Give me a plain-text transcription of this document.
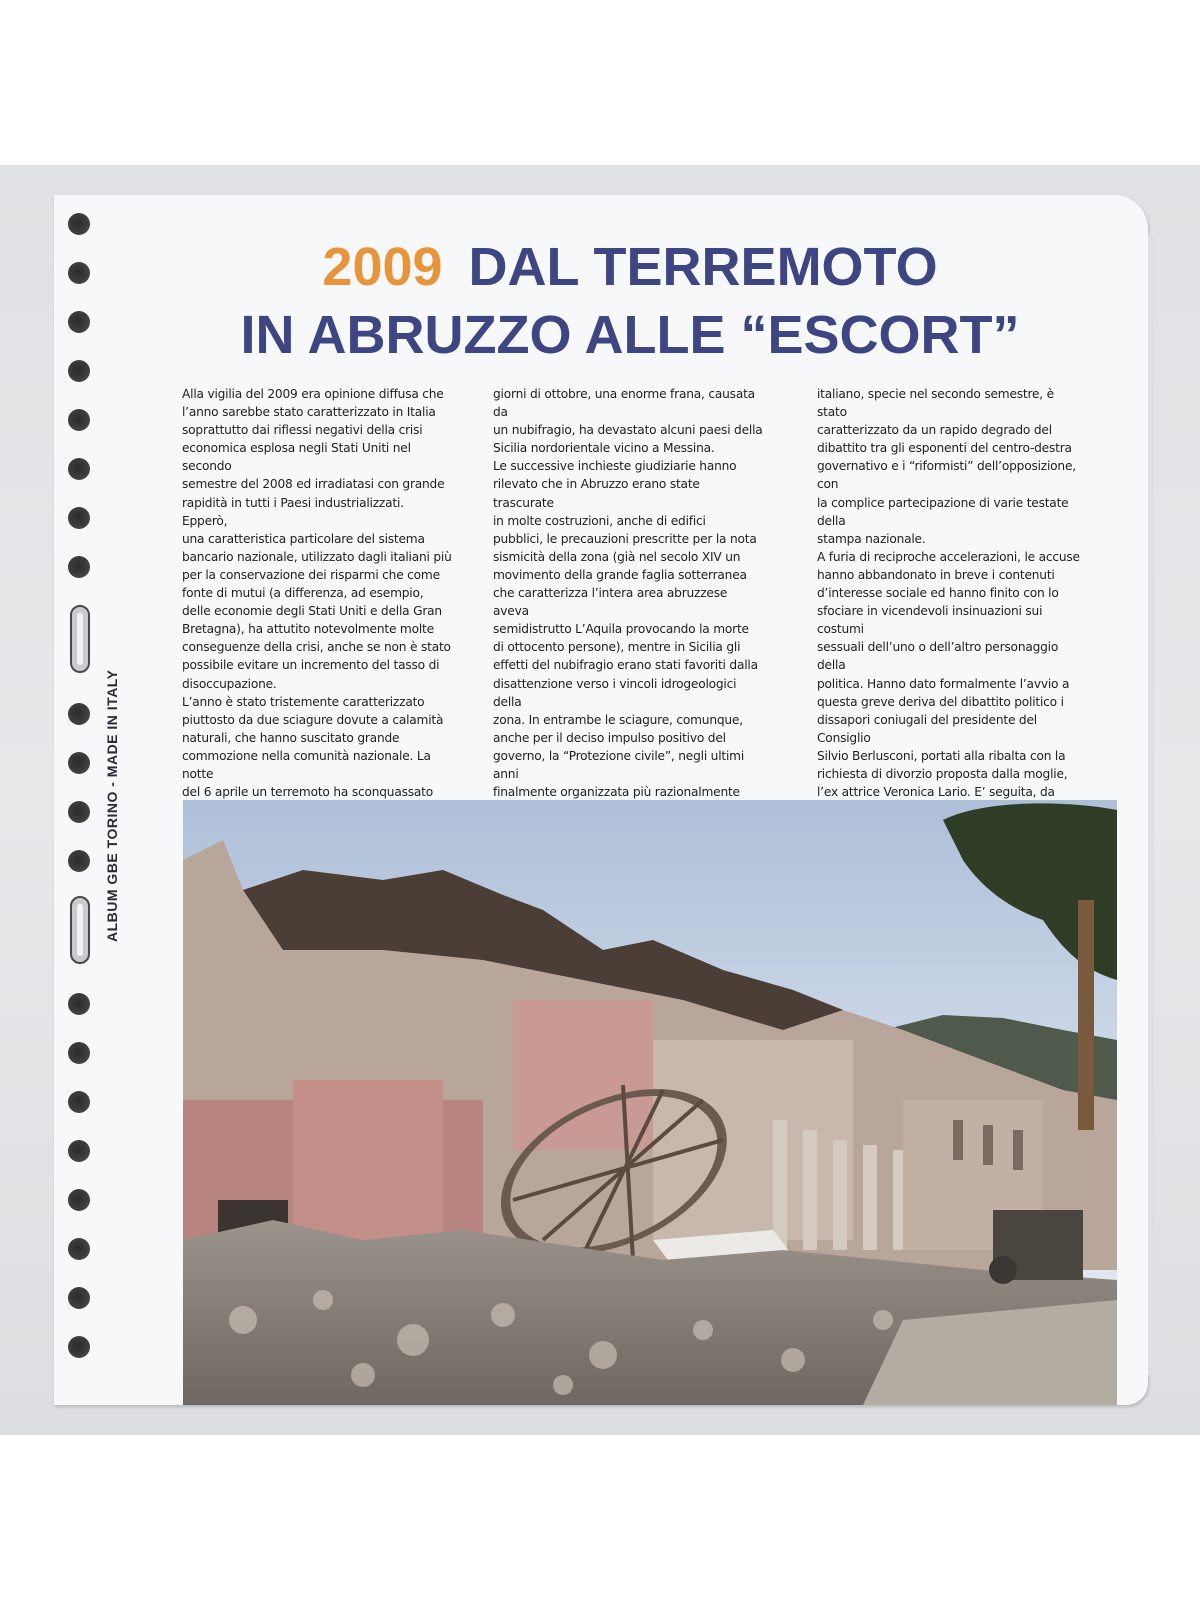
ALBUM GBE TORINO - MADE IN ITALY
2009 DAL TERREMOTO
IN ABRUZZO ALLE “ESCORT”

Alla vigilia del 2009 era opinione diffusa che
l’anno sarebbe stato caratterizzato in Italia
soprattutto dai riflessi negativi della crisi
economica esplosa negli Stati Uniti nel secondo
semestre del 2008 ed irradiatasi con grande
rapidità in tutti i Paesi industrializzati. Epperò,
una caratteristica particolare del sistema
bancario nazionale, utilizzato dagli italiani più
per la conservazione dei risparmi che come
fonte di mutui (a differenza, ad esempio,
delle economie degli Stati Uniti e della Gran
Bretagna), ha attutito notevolmente molte
conseguenze della crisi, anche se non è stato
possibile evitare un incremento del tasso di
disoccupazione.
L’anno è stato tristemente caratterizzato
piuttosto da due sciagure dovute a calamità
naturali, che hanno suscitato grande
commozione nella comunità nazionale. La notte
del 6 aprile un terremoto ha sconquassato

giorni di ottobre, una enorme frana, causata da
un nubifragio, ha devastato alcuni paesi della
Sicilia nordorientale vicino a Messina.
Le successive inchieste giudiziarie hanno
rilevato che in Abruzzo erano state trascurate
in molte costruzioni, anche di edifici
pubblici, le precauzioni prescritte per la nota
sismicità della zona (già nel secolo XIV un
movimento della grande faglia sotterranea
che caratterizza l’intera area abruzzese aveva
semidistrutto L’Aquila provocando la morte
di ottocento persone), mentre in Sicilia gli
effetti del nubifragio erano stati favoriti dalla
disattenzione verso i vincoli idrogeologici della
zona. In entrambe le sciagure, comunque,
anche per il deciso impulso positivo del
governo, la “Protezione civile”, negli ultimi anni
finalmente organizzata più razionalmente

italiano, specie nel secondo semestre, è stato
caratterizzato da un rapido degrado del
dibattito tra gli esponenti del centro-destra
governativo e i “riformisti” dell’opposizione, con
la complice partecipazione di varie testate della
stampa nazionale.
A furia di reciproche accelerazioni, le accuse
hanno abbandonato in breve i contenuti
d’interesse sociale ed hanno finito con lo
sfociare in vicendevoli insinuazioni sui costumi
sessuali dell’uno o dell’altro personaggio della
politica. Hanno dato formalmente l’avvio a
questa greve deriva del dibattito politico i
dissapori coniugali del presidente del Consiglio
Silvio Berlusconi, portati alla ribalta con la
richiesta di divorzio proposta dalla moglie,
l’ex attrice Veronica Lario. E’ seguita, da
